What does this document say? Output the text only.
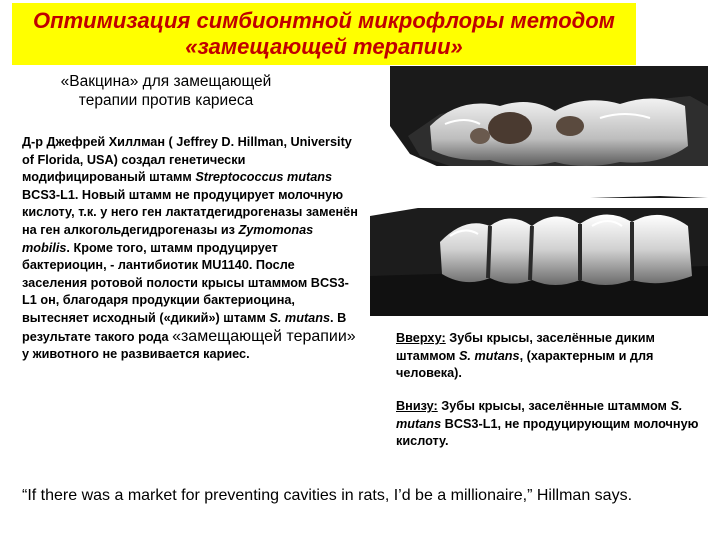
Оптимизация симбионтной микрофлоры методом
«замещающей терапии»
«Вакцина» для замещающей
терапии против кариеса
Д-р Джефрей Хиллман ( Jeffrey D. Hillman, University of Florida, USA) создал генетически модифицированый штамм Streptococcus mutans BCS3-L1. Новый штамм не продуцирует молочную кислоту, т.к. у него ген лактатдегидрогеназы заменён на ген алкогольдегидрогеназы из Zymomonas mobilis. Кроме того, штамм продуцирует бактериоцин, - лантибиотик MU1140. После заселения ротовой полости крысы штаммом BCS3-L1 он, благодаря продукции бактериоцина, вытесняет исходный («дикий») штамм S. mutans. В результате такого рода «замещающей терапии» у животного не развивается кариес.
Вверху: Зубы крысы, заселённые диким штаммом S. mutans, (характерным и для человека).
Внизу: Зубы крысы, заселённые штаммом S. mutans BCS3-L1, не продуцирующим молочную кислоту.
“If there was a market for preventing cavities in rats, I’d be a millionaire,” Hillman says.
